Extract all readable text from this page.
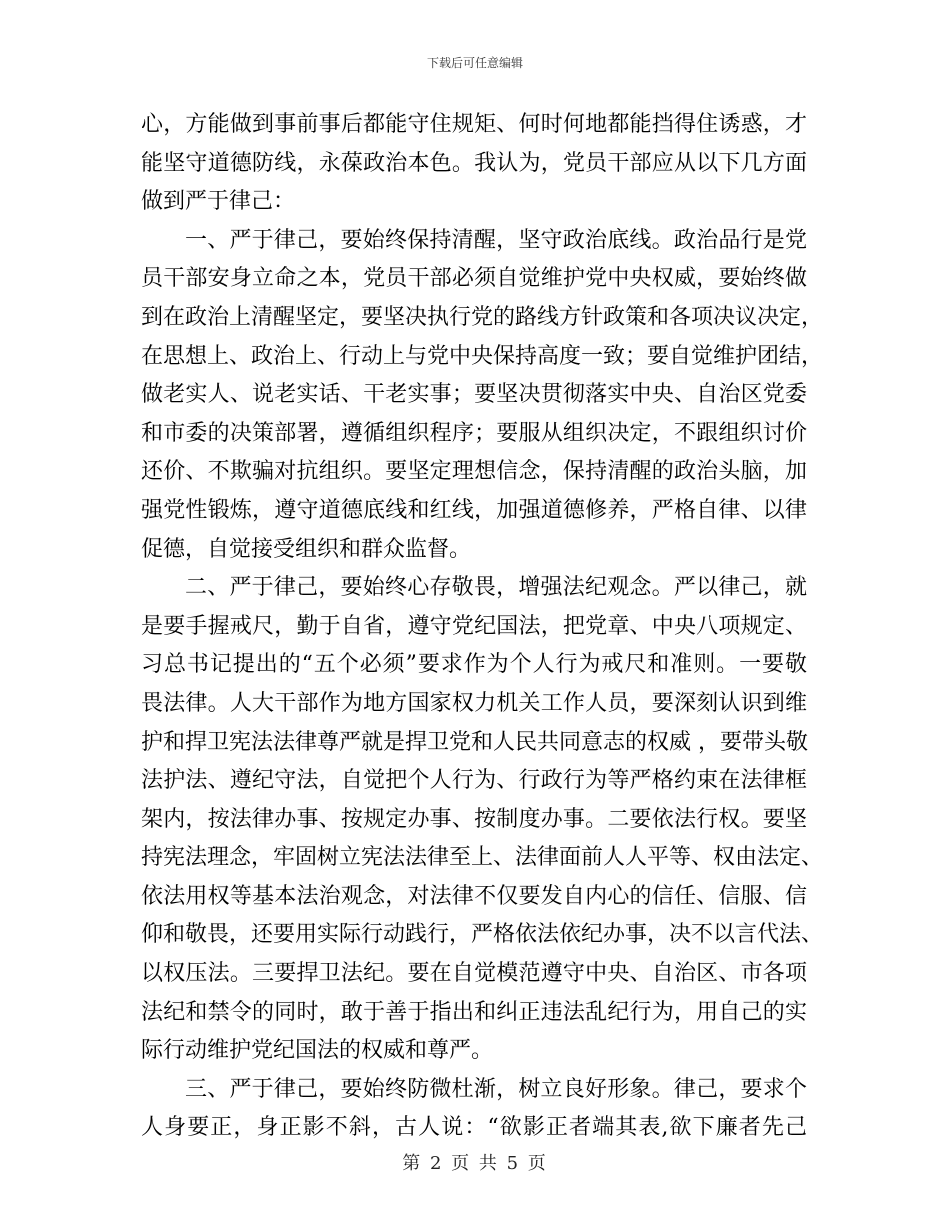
下载后可任意编辑
心，方能做到事前事后都能守住规矩、何时何地都能挡得住诱惑，才
能坚守道德防线，永葆政治本色。我认为，党员干部应从以下几方面
做到严于律己：
一、严于律己，要始终保持清醒，坚守政治底线。政治品行是党
员干部安身立命之本，党员干部必须自觉维护党中央权威，要始终做
到在政治上清醒坚定，要坚决执行党的路线方针政策和各项决议决定，
在思想上、政治上、行动上与党中央保持高度一致；要自觉维护团结，
做老实人、说老实话、干老实事；要坚决贯彻落实中央、自治区党委
和市委的决策部署，遵循组织程序；要服从组织决定，不跟组织讨价
还价、不欺骗对抗组织。要坚定理想信念，保持清醒的政治头脑，加
强党性锻炼，遵守道德底线和红线，加强道德修养，严格自律、以律
促德，自觉接受组织和群众监督。
二、严于律己，要始终心存敬畏，增强法纪观念。严以律己，就
是要手握戒尺，勤于自省，遵守党纪国法，把党章、中央八项规定、
习总书记提出的“五个必须”要求作为个人行为戒尺和准则。一要敬
畏法律。人大干部作为地方国家权力机关工作人员，要深刻认识到维
护和捍卫宪法法律尊严就是捍卫党和人民共同意志的权威 ，要带头敬
法护法、遵纪守法，自觉把个人行为、行政行为等严格约束在法律框
架内，按法律办事、按规定办事、按制度办事。二要依法行权。要坚
持宪法理念，牢固树立宪法法律至上、法律面前人人平等、权由法定、
依法用权等基本法治观念，对法律不仅要发自内心的信任、信服、信
仰和敬畏，还要用实际行动践行，严格依法依纪办事，决不以言代法、
以权压法。三要捍卫法纪。要在自觉模范遵守中央、自治区、市各项
法纪和禁令的同时，敢于善于指出和纠正违法乱纪行为，用自己的实
际行动维护党纪国法的权威和尊严。
三、严于律己，要始终防微杜渐，树立良好形象。律己，要求个
人身要正，身正影不斜，古人说：“欲影正者端其表,欲下廉者先己
第 2 页 共 5 页
